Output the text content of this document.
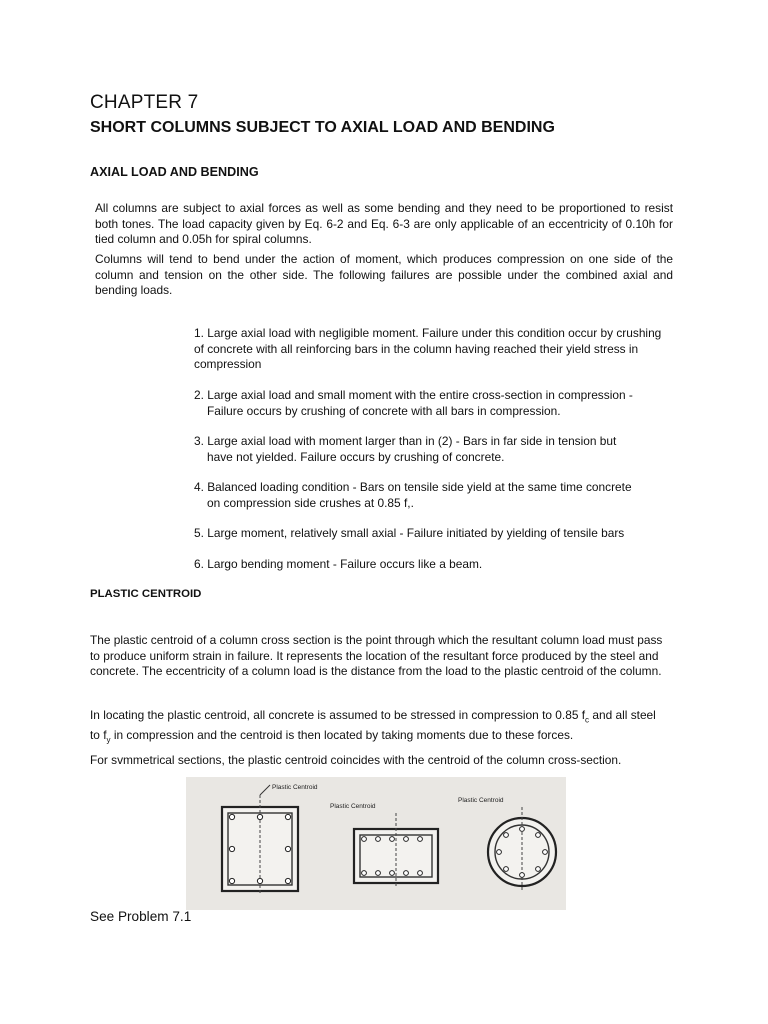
CHAPTER 7
SHORT COLUMNS SUBJECT TO AXIAL LOAD AND BENDING
AXIAL LOAD AND BENDING

All columns are subject to axial forces as well as some bending and they need to be proportioned to resist both tones. The load capacity given by Eq. 6-2 and Eq. 6-3 are only applicable of an eccentricity of 0.10h for tied column and 0.05h for spiral columns.

Columns will tend to bend under the action of moment, which produces compression on one side of the column and tension on the other side. The following failures are possible under the combined axial and bending loads.

1. Large axial load with negligible moment. Failure under this condition occur by crushing of concrete with all reinforcing bars in the column having reached their yield stress in compression

2. Large axial load and small moment with the entire cross-section in compression -
Failure occurs by crushing of concrete with all bars in compression.

3. Large axial load with moment larger than in (2) - Bars in far side in tension but
have not yielded. Failure occurs by crushing of concrete.

4. Balanced loading condition - Bars on tensile side yield at the same time concrete
on compression side crushes at 0.85 f,.

5. Large moment, relatively small axial - Failure initiated by yielding of tensile bars

6. Largo bending moment - Failure occurs like a beam.

PLASTIC CENTROID

The plastic centroid of a column cross section is the point through which the resultant column load must pass to produce uniform strain in failure. It represents the location of the resultant force produced by the steel and concrete. The eccentricity of a column load is the distance from the load to the plastic centroid of the column.

In locating the plastic centroid, all concrete is assumed to be stressed in compression to 0.85 $f_c$ and all steel to $f_y$ in compression and the centroid is then located by taking moments due to these forces.

For svmmetrical sections, the plastic centroid coincides with the centroid of the column cross-section.

Plastic Centroid
Plastic Centroid
Plastic Centroid
See Problem 7.1
